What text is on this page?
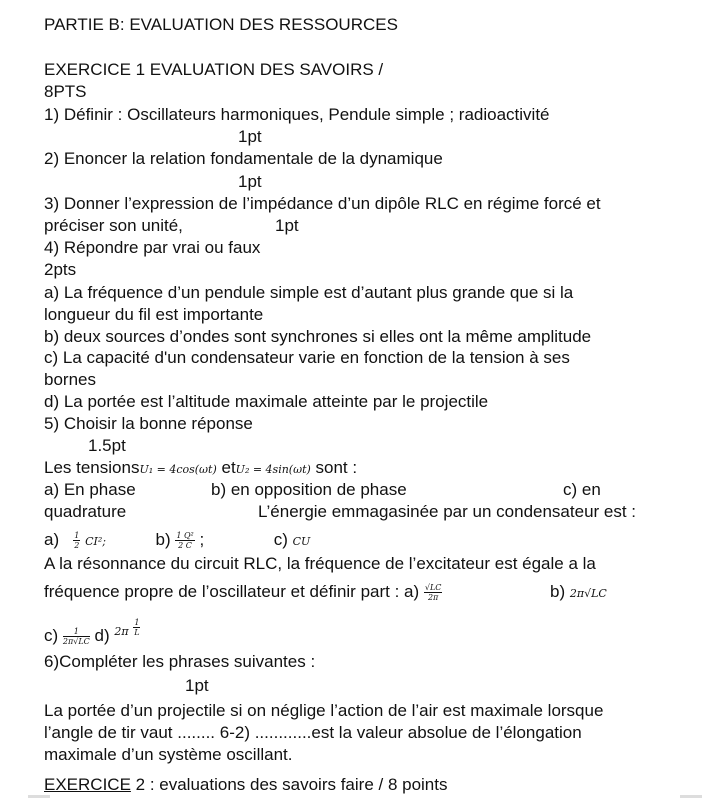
PARTIE B: EVALUATION DES RESSOURCES
EXERCICE 1 EVALUATION DES SAVOIRS /
8PTS
1) Définir : Oscillateurs harmoniques, Pendule simple ; radioactivité
1pt
2) Enoncer la relation fondamentale de la dynamique
1pt
3) Donner l’expression de l’impédance d’un dipôle RLC en régime forcé et
préciser son unité,	1pt
4) Répondre par vrai ou faux
2pts
a) La fréquence d’un pendule simple est d’autant plus grande que si la
longueur du fil est importante
b) deux sources d’ondes sont synchrones si elles ont la même amplitude
c) La capacité d'un condensateur varie en fonction de la tension à ses
bornes
d) La portée est l’altitude maximale atteinte par le projectile
5) Choisir la bonne réponse
1.5pt
Les tensionsU₁ = 4cos(ωt) etU₂ = 4sin(ωt) sont :
a) En phase	b) en opposition de phase	c) en
quadrature	L’énergie emmagasinée par un condensateur est :
$a) \frac{1}{2} CI^2$;	$b) \frac{\text{1 Q²}}{2 C}$ ;	c) CU
A la résonnance du circuit RLC, la fréquence de l’excitateur est égale a la
fréquence propre de l’oscillateur et définir part : $a) \frac{√LC}{2\pi}$	b) 2π√LC
$c) \frac{1}{2\pi√LC} d$) $^{2\pi} \frac{1}{L}$
6)Compléter les phrases suivantes :
1pt
La portée d’un projectile si on néglige l’action de l’air est maximale lorsque
l’angle de tir vaut ........ 6-2) ............est la valeur absolue de l’élongation
maximale d’un système oscillant.
EXERCICE 2 : evaluations des savoirs faire / 8 points
